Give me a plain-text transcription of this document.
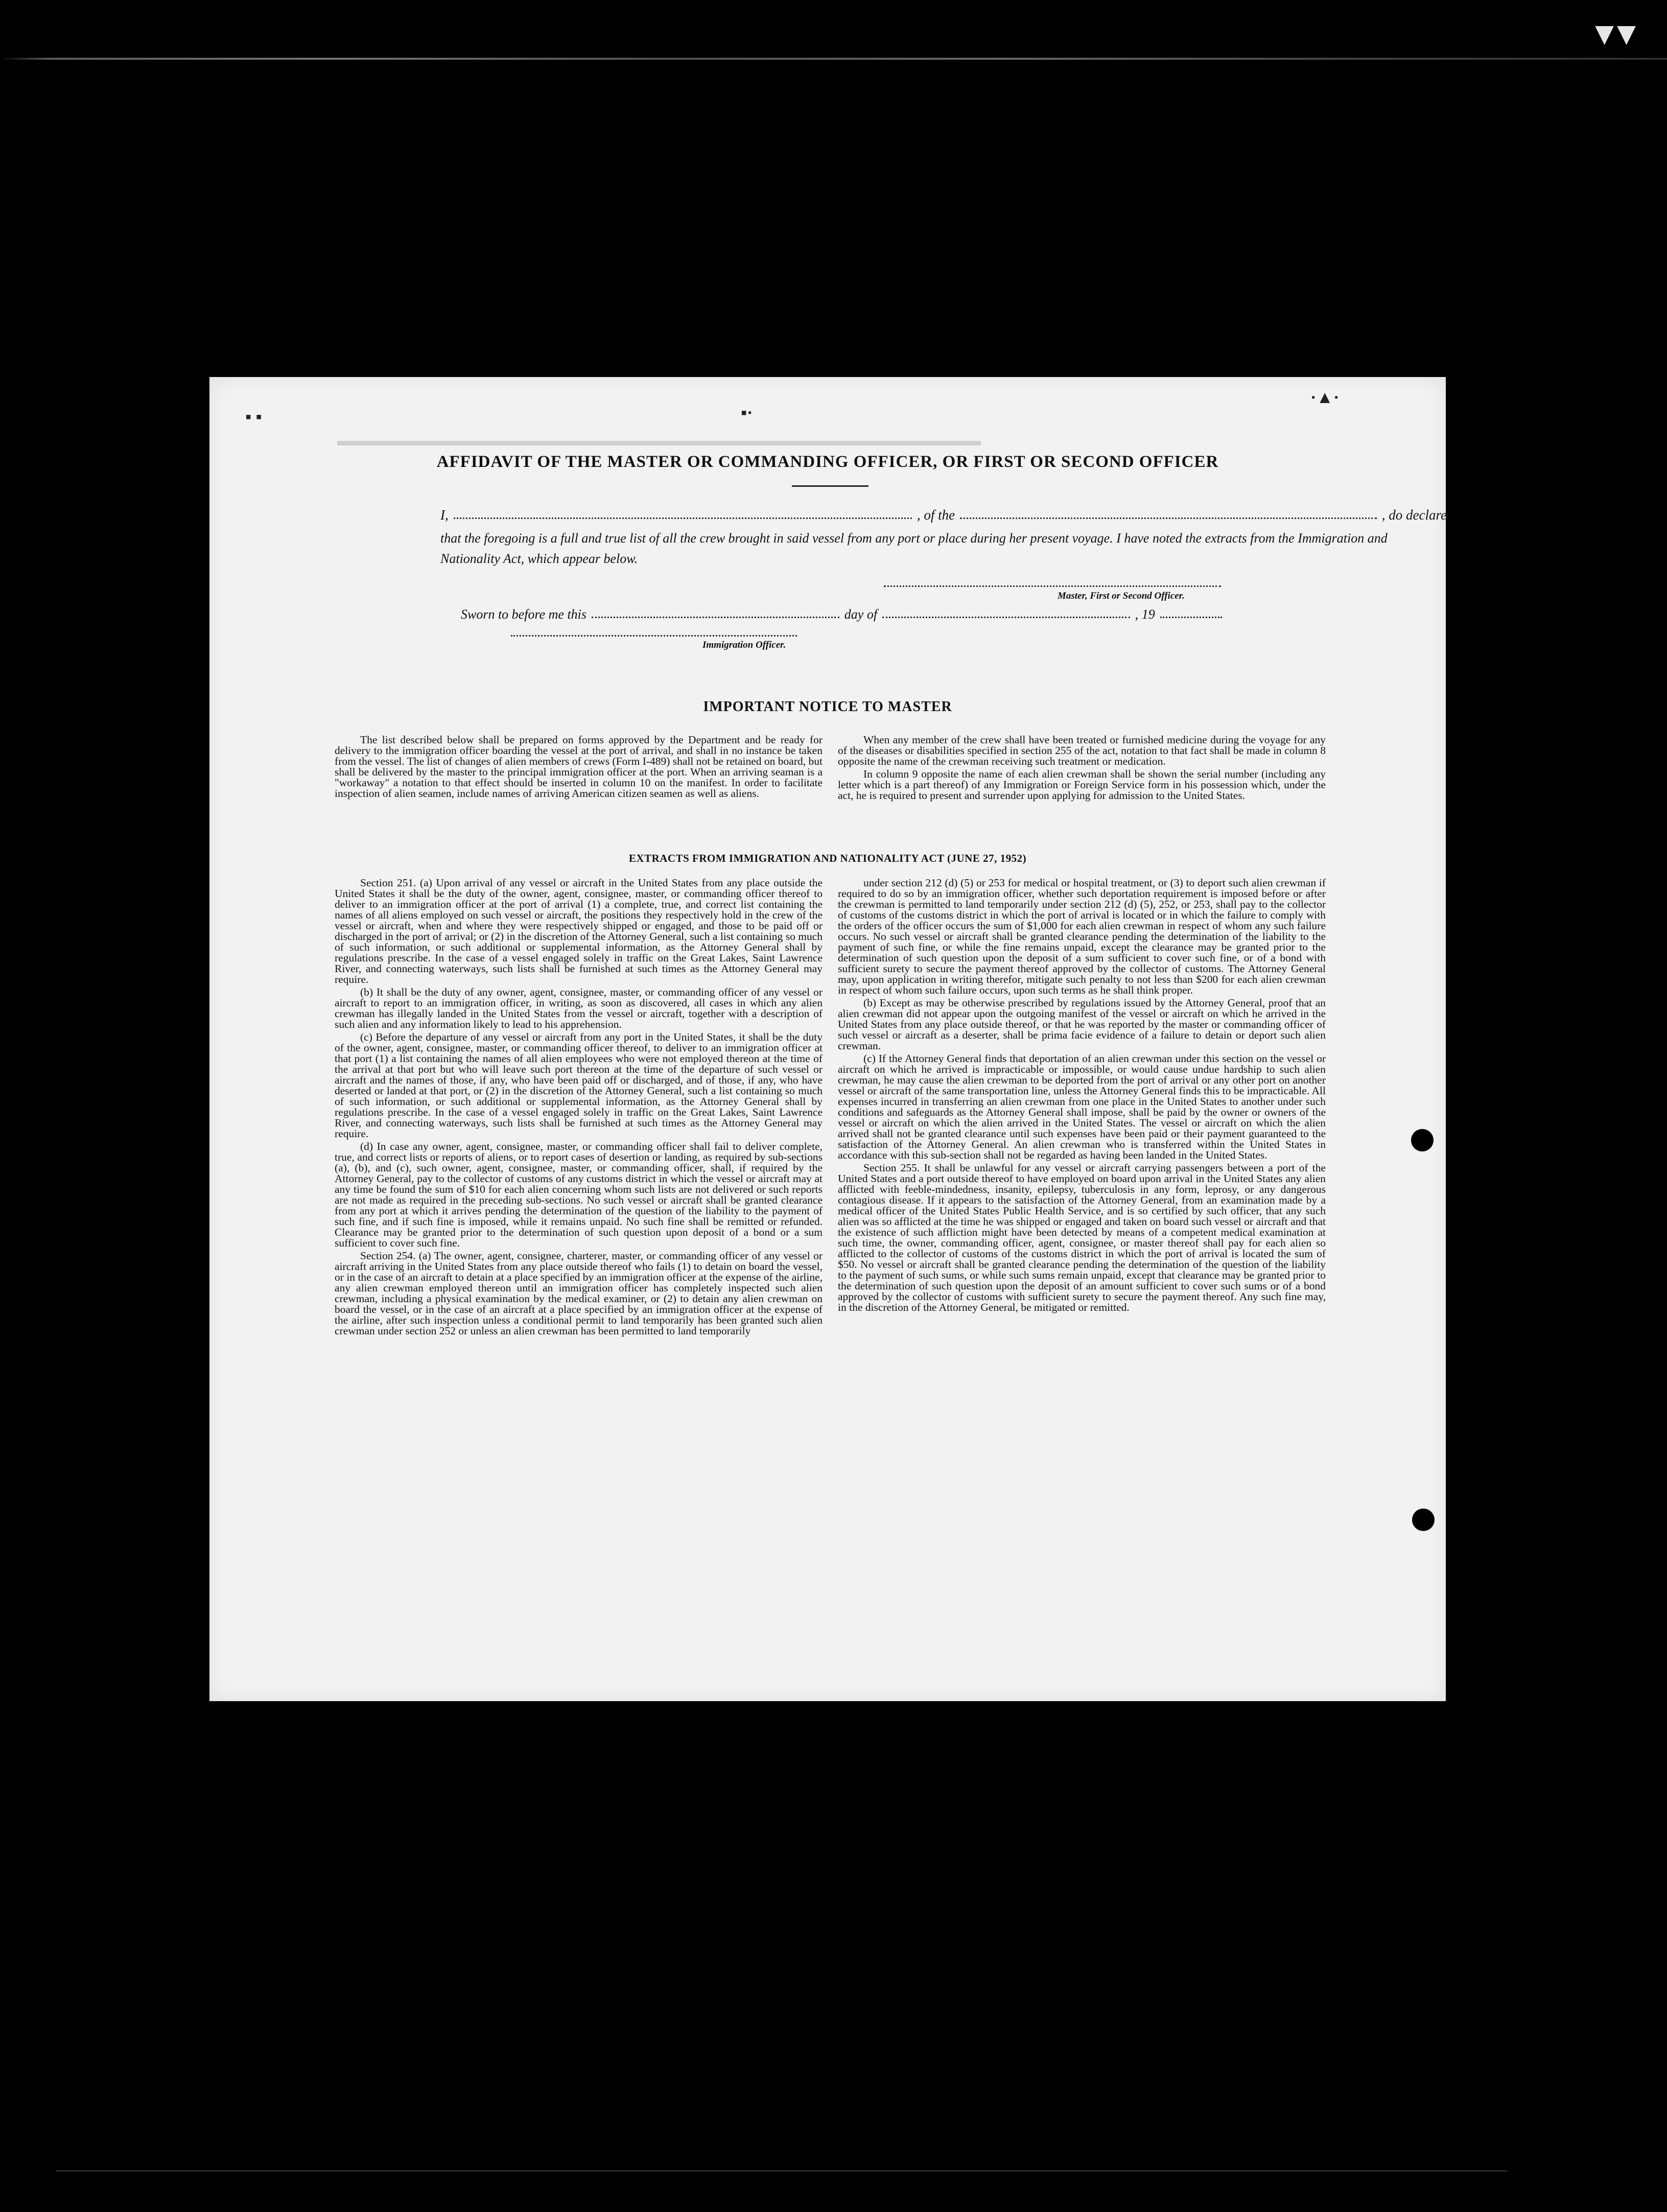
▼▼
▪ ▪	▪·
·▲·
▬▬▬▬▬▬▬▬▬▬▬▬▬▬▬▬▬▬▬▬▬▬▬▬▬▬▬▬▬▬▬▬▬▬▬▬▬▬▬▬▬▬
AFFIDAVIT OF THE MASTER OR COMMANDING OFFICER, OR FIRST OR SECOND OFFICER
I,	, of the	, do declare
that the foregoing is a full and true list of all the crew brought in said vessel from any port or place during her present voyage. I have noted the extracts from the Immigration and Nationality Act, which appear below.
Master, First or Second Officer.
Sworn to before me this	day of	, 19
Immigration Officer.
IMPORTANT NOTICE TO MASTER

The list described below shall be prepared on forms approved by the Department and be ready for delivery to the immigration officer boarding the vessel at the port of arrival, and shall in no instance be taken from the vessel. The list of changes of alien members of crews (Form I-489) shall not be retained on board, but shall be delivered by the master to the principal immigration officer at the port. When an arriving seaman is a "workaway" a notation to that effect should be inserted in column 10 on the manifest. In order to facilitate inspection of alien seamen, include names of arriving American citizen seamen as well as aliens.

When any member of the crew shall have been treated or furnished medicine during the voyage for any of the diseases or disabilities specified in section 255 of the act, notation to that fact shall be made in column 8 opposite the name of the crewman receiving such treatment or medication.

In column 9 opposite the name of each alien crewman shall be shown the serial number (including any letter which is a part thereof) of any Immigration or Foreign Service form in his possession which, under the act, he is required to present and surrender upon applying for admission to the United States.

EXTRACTS FROM IMMIGRATION AND NATIONALITY ACT (JUNE 27, 1952)

Section 251. (a) Upon arrival of any vessel or aircraft in the United States from any place outside the United States it shall be the duty of the owner, agent, consignee, master, or commanding officer thereof to deliver to an immigration officer at the port of arrival (1) a complete, true, and correct list containing the names of all aliens employed on such vessel or aircraft, the positions they respectively hold in the crew of the vessel or aircraft, when and where they were respectively shipped or engaged, and those to be paid off or discharged in the port of arrival; or (2) in the discretion of the Attorney General, such a list containing so much of such information, or such additional or supplemental information, as the Attorney General shall by regulations prescribe. In the case of a vessel engaged solely in traffic on the Great Lakes, Saint Lawrence River, and connecting waterways, such lists shall be furnished at such times as the Attorney General may require.

(b) It shall be the duty of any owner, agent, consignee, master, or commanding officer of any vessel or aircraft to report to an immigration officer, in writing, as soon as discovered, all cases in which any alien crewman has illegally landed in the United States from the vessel or aircraft, together with a description of such alien and any information likely to lead to his apprehension.

(c) Before the departure of any vessel or aircraft from any port in the United States, it shall be the duty of the owner, agent, consignee, master, or commanding officer thereof, to deliver to an immigration officer at that port (1) a list containing the names of all alien employees who were not employed thereon at the time of the arrival at that port but who will leave such port thereon at the time of the departure of such vessel or aircraft and the names of those, if any, who have been paid off or discharged, and of those, if any, who have deserted or landed at that port, or (2) in the discretion of the Attorney General, such a list containing so much of such information, or such additional or supplemental information, as the Attorney General shall by regulations prescribe. In the case of a vessel engaged solely in traffic on the Great Lakes, Saint Lawrence River, and connecting waterways, such lists shall be furnished at such times as the Attorney General may require.

(d) In case any owner, agent, consignee, master, or commanding officer shall fail to deliver complete, true, and correct lists or reports of aliens, or to report cases of desertion or landing, as required by sub-sections (a), (b), and (c), such owner, agent, consignee, master, or commanding officer, shall, if required by the Attorney General, pay to the collector of customs of any customs district in which the vessel or aircraft may at any time be found the sum of $10 for each alien concerning whom such lists are not delivered or such reports are not made as required in the preceding sub-sections. No such vessel or aircraft shall be granted clearance from any port at which it arrives pending the determination of the question of the liability to the payment of such fine, and if such fine is imposed, while it remains unpaid. No such fine shall be remitted or refunded. Clearance may be granted prior to the determination of such question upon deposit of a bond or a sum sufficient to cover such fine.

Section 254. (a) The owner, agent, consignee, charterer, master, or commanding officer of any vessel or aircraft arriving in the United States from any place outside thereof who fails (1) to detain on board the vessel, or in the case of an aircraft to detain at a place specified by an immigration officer at the expense of the airline, any alien crewman employed thereon until an immigration officer has completely inspected such alien crewman, including a physical examination by the medical examiner, or (2) to detain any alien crewman on board the vessel, or in the case of an aircraft at a place specified by an immigration officer at the expense of the airline, after such inspection unless a conditional permit to land temporarily has been granted such alien crewman under section 252 or unless an alien crewman has been permitted to land temporarily

under section 212 (d) (5) or 253 for medical or hospital treatment, or (3) to deport such alien crewman if required to do so by an immigration officer, whether such deportation requirement is imposed before or after the crewman is permitted to land temporarily under section 212 (d) (5), 252, or 253, shall pay to the collector of customs of the customs district in which the port of arrival is located or in which the failure to comply with the orders of the officer occurs the sum of $1,000 for each alien crewman in respect of whom any such failure occurs. No such vessel or aircraft shall be granted clearance pending the determination of the liability to the payment of such fine, or while the fine remains unpaid, except the clearance may be granted prior to the determination of such question upon the deposit of a sum sufficient to cover such fine, or of a bond with sufficient surety to secure the payment thereof approved by the collector of customs. The Attorney General may, upon application in writing therefor, mitigate such penalty to not less than $200 for each alien crewman in respect of whom such failure occurs, upon such terms as he shall think proper.

(b) Except as may be otherwise prescribed by regulations issued by the Attorney General, proof that an alien crewman did not appear upon the outgoing manifest of the vessel or aircraft on which he arrived in the United States from any place outside thereof, or that he was reported by the master or commanding officer of such vessel or aircraft as a deserter, shall be prima facie evidence of a failure to detain or deport such alien crewman.

(c) If the Attorney General finds that deportation of an alien crewman under this section on the vessel or aircraft on which he arrived is impracticable or impossible, or would cause undue hardship to such alien crewman, he may cause the alien crewman to be deported from the port of arrival or any other port on another vessel or aircraft of the same transportation line, unless the Attorney General finds this to be impracticable. All expenses incurred in transferring an alien crewman from one place in the United States to another under such conditions and safeguards as the Attorney General shall impose, shall be paid by the owner or owners of the vessel or aircraft on which the alien arrived in the United States. The vessel or aircraft on which the alien arrived shall not be granted clearance until such expenses have been paid or their payment guaranteed to the satisfaction of the Attorney General. An alien crewman who is transferred within the United States in accordance with this sub-section shall not be regarded as having been landed in the United States.

Section 255. It shall be unlawful for any vessel or aircraft carrying passengers between a port of the United States and a port outside thereof to have employed on board upon arrival in the United States any alien afflicted with feeble-mindedness, insanity, epilepsy, tuberculosis in any form, leprosy, or any dangerous contagious disease. If it appears to the satisfaction of the Attorney General, from an examination made by a medical officer of the United States Public Health Service, and is so certified by such officer, that any such alien was so afflicted at the time he was shipped or engaged and taken on board such vessel or aircraft and that the existence of such affliction might have been detected by means of a competent medical examination at such time, the owner, commanding officer, agent, consignee, or master thereof shall pay for each alien so afflicted to the collector of customs of the customs district in which the port of arrival is located the sum of $50. No vessel or aircraft shall be granted clearance pending the determination of the question of the liability to the payment of such sums, or while such sums remain unpaid, except that clearance may be granted prior to the determination of such question upon the deposit of an amount sufficient to cover such sums or of a bond approved by the collector of customs with sufficient surety to secure the payment thereof. Any such fine may, in the discretion of the Attorney General, be mitigated or remitted.
